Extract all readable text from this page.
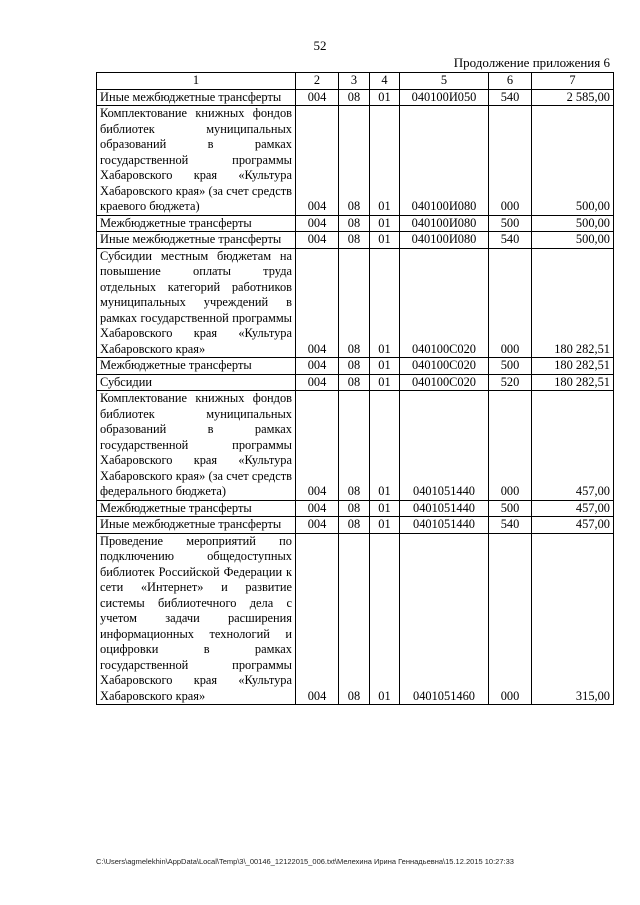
52
Продолжение приложения 6
1	2	3	4	5	6	7
Иные межбюджетные трансферты	004	08	01	040100И050	540	2 585,00
Комплектование книжных фондов библиотек муниципальных образований в рамках государственной программы Хабаровского края «Культура Хабаровского края» (за счет средств краевого бюджета)	004	08	01	040100И080	000	500,00
Межбюджетные трансферты	004	08	01	040100И080	500	500,00
Иные межбюджетные трансферты	004	08	01	040100И080	540	500,00
Субсидии местным бюджетам на повышение оплаты труда отдельных категорий работников муниципальных учреждений в рамках государственной программы Хабаровского края «Культура Хабаровского края»	004	08	01	040100С020	000	180 282,51
Межбюджетные трансферты	004	08	01	040100С020	500	180 282,51
Субсидии	004	08	01	040100С020	520	180 282,51
Комплектование книжных фондов библиотек муниципальных образований в рамках государственной программы Хабаровского края «Культура Хабаровского края» (за счет средств федерального бюджета)	004	08	01	0401051440	000	457,00
Межбюджетные трансферты	004	08	01	0401051440	500	457,00
Иные межбюджетные трансферты	004	08	01	0401051440	540	457,00
Проведение мероприятий по подключению общедоступных библиотек Российской Федерации к сети «Интернет» и развитие системы библиотечного дела с учетом задачи расширения информационных технологий и оцифровки в рамках государственной программы Хабаровского края «Культура Хабаровского края»	004	08	01	0401051460	000	315,00
C:\Users\agmelekhin\AppData\Local\Temp\3\_00146_12122015_006.txt\Мелехина Ирина Геннадьевна\15.12.2015 10:27:33
